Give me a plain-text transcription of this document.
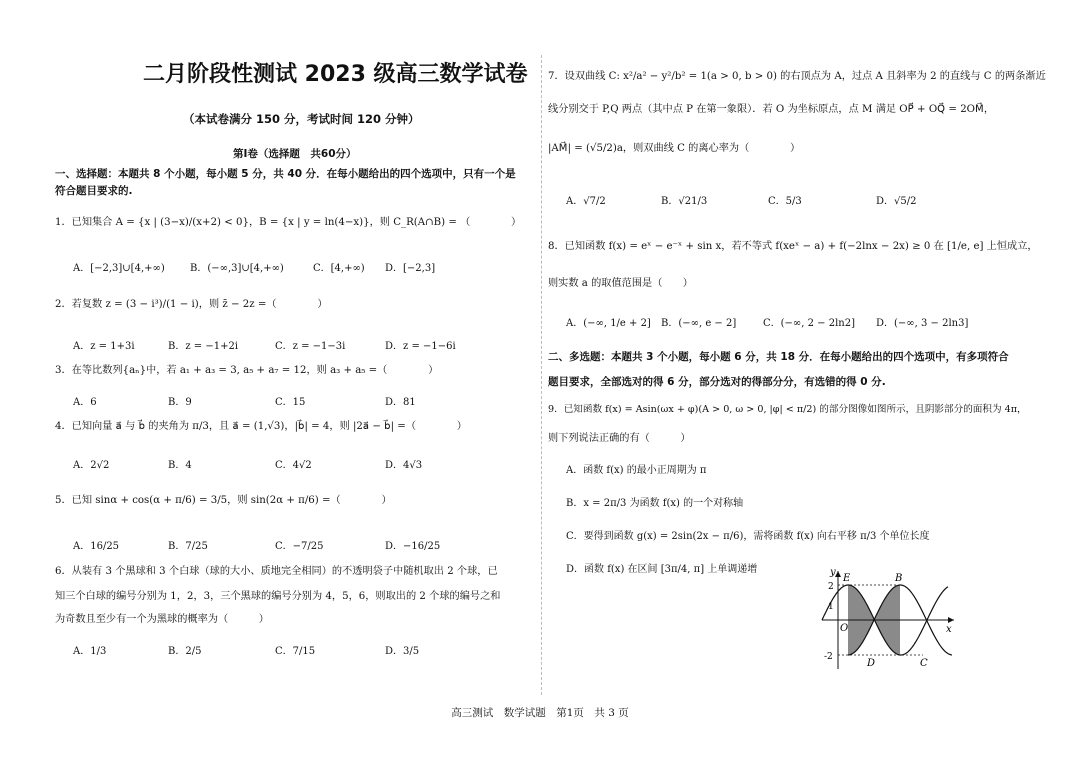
二月阶段性测试 2023 级高三数学试卷
（本试卷满分 150 分，考试时间 120 分钟）
第Ⅰ卷（选择题　共60分）
一、选择题：本题共 8 个小题，每小题 5 分，共 40 分．在每小题给出的四个选项中，只有一个是
符合题目要求的.
1．已知集合 A = {x | (3−x)/(x+2) < 0}，B = {x | y = ln(4−x)}，则 C_R(A∩B) = （　　　　）
A．[−2,3]∪[4,+∞)	B．(−∞,3]∪[4,+∞)	C．[4,+∞) D．[−2,3]
2．若复数 z = (3 − i³)/(1 − i)，则 z̄ − 2z =（　　　　）
A．z = 1+3i	B．z = −1+2i	C．z = −1−3i	D．z = −1−6i
3．在等比数列{aₙ}中，若 a₁ + a₃ = 3, a₅ + a₇ = 12，则 a₃ + a₅ =（　　　　）
A．6	B．9	C．15	D．81
4．已知向量 a⃗ 与 b⃗ 的夹角为 π/3，且 a⃗ = (1,√3)，|b⃗| = 4，则 |2a⃗ − b⃗| =（　　　　）
A．2√2	B．4	C．4√2	D．4√3
5．已知 sinα + cos(α + π/6) = 3/5，则 sin(2α + π/6) =（　　　　）
A．16/25	B．7/25	C．−7/25	D．−16/25
6．从装有 3 个黑球和 3 个白球（球的大小、质地完全相同）的不透明袋子中随机取出 2 个球，已
知三个白球的编号分别为 1，2，3，三个黑球的编号分别为 4，5，6，则取出的 2 个球的编号之和
为奇数且至少有一个为黑球的概率为（　　　）
A．1/3	B．2/5	C．7/15	D．3/5
7．设双曲线 C: x²/a² − y²/b² = 1(a > 0, b > 0) 的右顶点为 A，过点 A 且斜率为 2 的直线与 C 的两条渐近
线分别交于 P,Q 两点（其中点 P 在第一象限）．若 O 为坐标原点，点 M 满足 OP⃗ + OQ⃗ = 2OM⃗，
|AM⃗| = (√5/2)a，则双曲线 C 的离心率为（　　　　）
A．√7/2	B．√21/3	C．5/3	D．√5/2
8．已知函数 f(x) = eˣ − e⁻ˣ + sin x，若不等式 f(xeˣ − a) + f(−2lnx − 2x) ≥ 0 在 [1/e, e] 上恒成立，
则实数 a 的取值范围是（　　）
A．(−∞, 1/e + 2] B．(−∞, e − 2]	C．(−∞, 2 − 2ln2] D．(−∞, 3 − 2ln3]
二、多选题：本题共 3 个小题，每小题 6 分，共 18 分．在每小题给出的四个选项中，有多项符合
题目要求，全部选对的得 6 分，部分选对的得部分分，有选错的得 0 分.
9．已知函数 f(x) = Asin(ωx + φ)(A > 0, ω > 0, |φ| < π/2) 的部分图像如图所示，且阴影部分的面积为 4π，
则下列说法正确的有（　　　）
A．函数 f(x) 的最小正周期为 π
B．x = 2π/3 为函数 f(x) 的一个对称轴
C．要得到函数 g(x) = 2sin(2x − π/6)，需将函数 f(x) 向右平移 π/3 个单位长度
D．函数 f(x) 在区间 [3π/4, π] 上单调递增	y
x
O
2
1
-2
E	B
D	C
高三测试　数学试题　第1页　共 3 页
